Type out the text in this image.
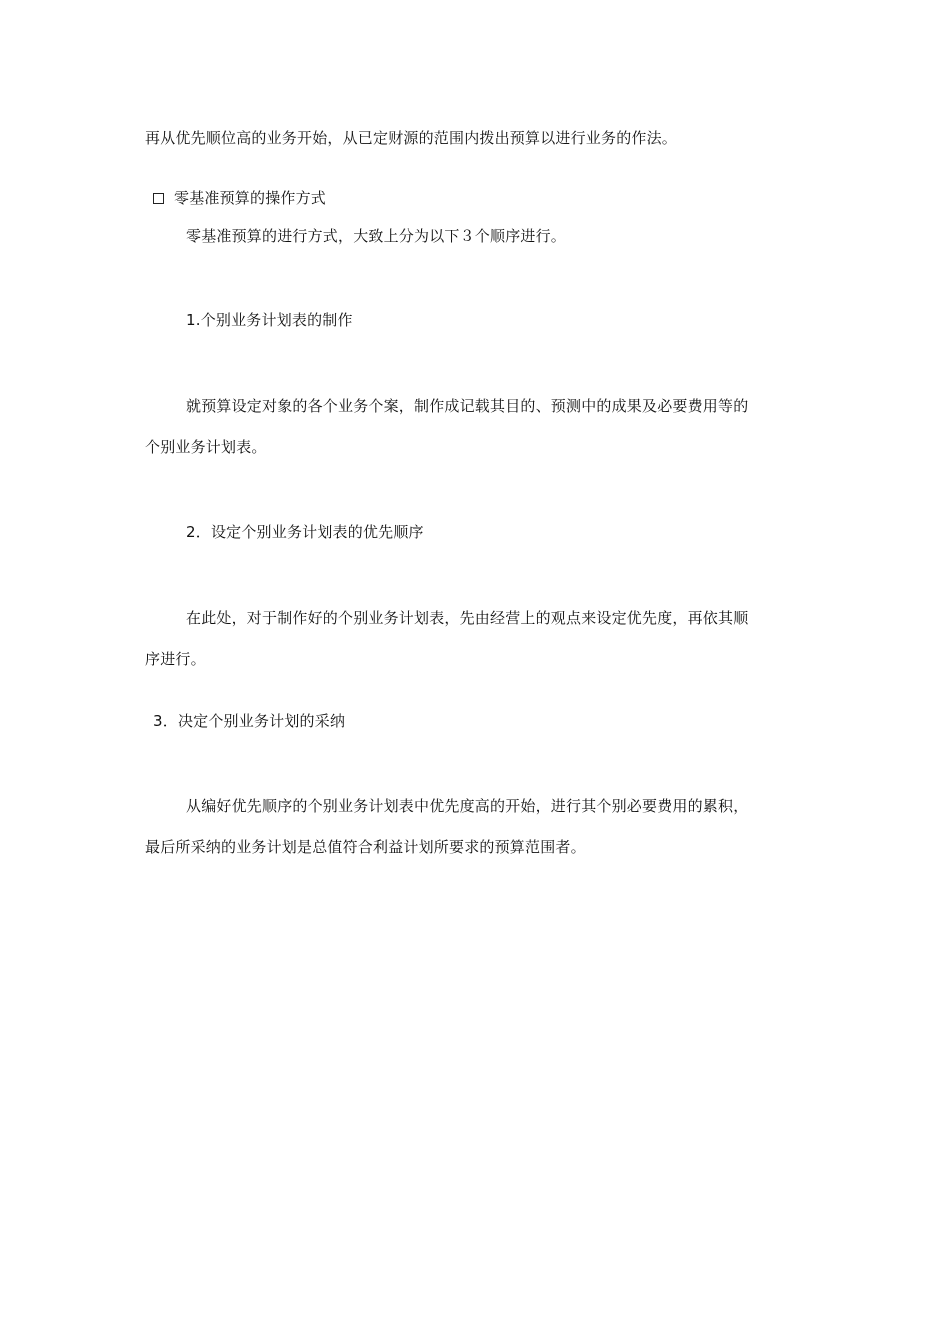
再从优先顺位高的业务开始，从已定财源的范围内拨出预算以进行业务的作法。
零基准预算的操作方式
零基准预算的进行方式，大致上分为以下３个顺序进行。
1.个别业务计划表的制作
就预算设定对象的各个业务个案，制作成记载其目的、预测中的成果及必要费用等的
个别业务计划表。
2．设定个别业务计划表的优先顺序
在此处，对于制作好的个别业务计划表，先由经营上的观点来设定优先度，再依其顺
序进行。
3．决定个别业务计划的采纳
从编好优先顺序的个别业务计划表中优先度高的开始，进行其个别必要费用的累积，
最后所采纳的业务计划是总值符合利益计划所要求的预算范围者。
